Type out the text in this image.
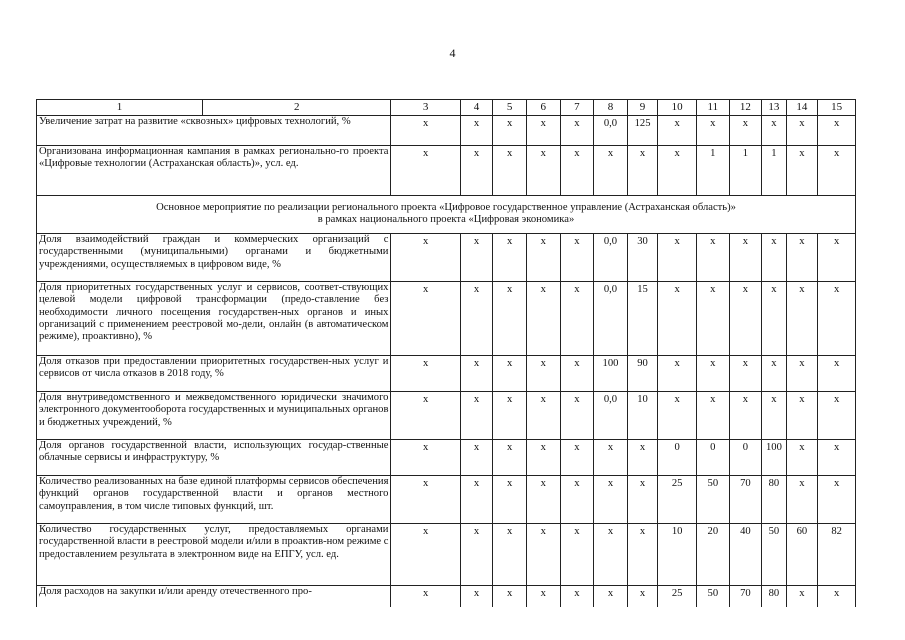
4
1	2	3	4	5	6	7	8	9	10	11	12	13	14	15
Увеличение затрат на развитие «сквозных» цифровых технологий, %		x	x	x	x	x	0,0	125	x	x	x	x	x	x
Организована информационная кампания в рамках регионально-го проекта «Цифровые технологии (Астраханская область)», усл. ед.		x	x	x	x	x	x	x	x	1	1	1	x	x

Основное мероприятие по реализации регионального проекта «Цифровое государственное управление (Астраханская область)»
в рамках национального проекта «Цифровая экономика»														

Доля взаимодействий граждан и коммерческих организаций с государственными (муниципальными) органами и бюджетными учреждениями, осуществляемых в цифровом виде, %		x	x	x	x	x	0,0	30	x	x	x	x	x	x
Доля приоритетных государственных услуг и сервисов, соответ-ствующих целевой модели цифровой трансформации (предо-ставление без необходимости личного посещения государствен-ных органов и иных организаций с применением реестровой мо-дели, онлайн (в автоматическом режиме), проактивно), %		x	x	x	x	x	0,0	15	x	x	x	x	x	x
Доля отказов при предоставлении приоритетных государствен-ных услуг и сервисов от числа отказов в 2018 году, %		x	x	x	x	x	100	90	x	x	x	x	x	x
Доля внутриведомственного и межведомственного юридически значимого электронного документооборота государственных и муниципальных органов и бюджетных учреждений, %		x	x	x	x	x	0,0	10	x	x	x	x	x	x
Доля органов государственной власти, использующих государ-ственные облачные сервисы и инфраструктуру, %		x	x	x	x	x	x	x	0	0	0	100	x	x
Количество реализованных на базе единой платформы сервисов обеспечения функций органов государственной власти и органов местного самоуправления, в том числе типовых функций, шт.		x	x	x	x	x	x	x	25	50	70	80	x	x
Количество государственных услуг, предоставляемых органами государственной власти в реестровой модели и/или в проактив-ном режиме с предоставлением результата в электронном виде на ЕПГУ, усл. ед.		x	x	x	x	x	x	x	10	20	40	50	60	82
Доля расходов на закупки и/или аренду отечественного про-		x	x	x	x	x	x	x	25	50	70	80	x	x
